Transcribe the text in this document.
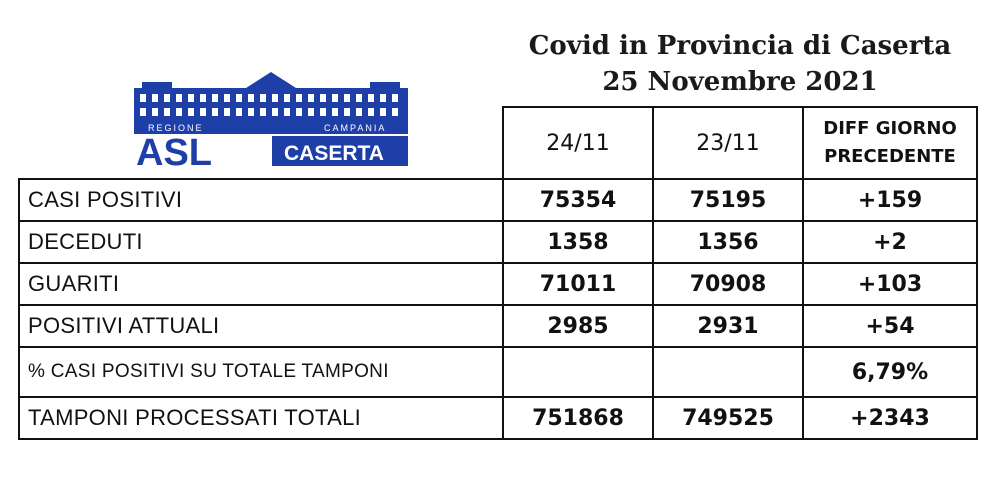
Covid in Provincia di Caserta
25 Novembre 2021
REGIONE	CAMPANIA
ASL	CASERTA
		24/11	23/11	DIFF GIORNO
PRECEDENTE

CASI POSITIVI	75354	75195	+159
DECEDUTI	1358	1356	+2
GUARITI	71011	70908	+103
POSITIVI ATTUALI	2985	2931	+54
% CASI POSITIVI SU TOTALE TAMPONI			6,79%
TAMPONI PROCESSATI TOTALI	751868	749525	+2343
